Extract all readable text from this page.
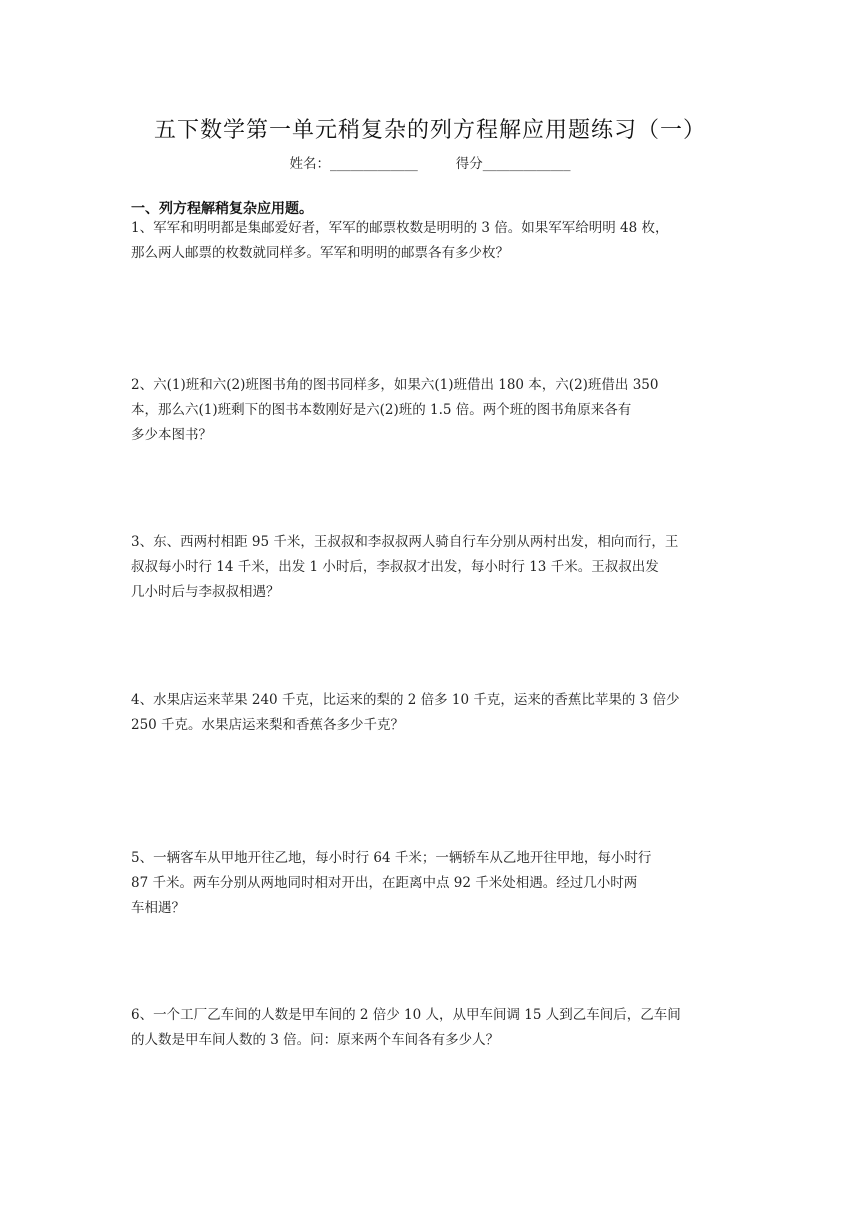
五下数学第一单元稍复杂的列方程解应用题练习（一）
姓名：_____________	得分_____________
一、列方程解稍复杂应用题。
1、军军和明明都是集邮爱好者，军军的邮票枚数是明明的 3 倍。如果军军给明明 48 枚，
那么两人邮票的枚数就同样多。军军和明明的邮票各有多少枚？
2、六(1)班和六(2)班图书角的图书同样多，如果六(1)班借出 180 本，六(2)班借出 350
本，那么六(1)班剩下的图书本数刚好是六(2)班的 1.5 倍。两个班的图书角原来各有
多少本图书？
3、东、西两村相距 95 千米，王叔叔和李叔叔两人骑自行车分别从两村出发，相向而行，王
叔叔每小时行 14 千米，出发 1 小时后，李叔叔才出发，每小时行 13 千米。王叔叔出发
几小时后与李叔叔相遇？
4、水果店运来苹果 240 千克，比运来的梨的 2 倍多 10 千克，运来的香蕉比苹果的 3 倍少
250 千克。水果店运来梨和香蕉各多少千克？
5、一辆客车从甲地开往乙地，每小时行 64 千米；一辆轿车从乙地开往甲地，每小时行
87 千米。两车分别从两地同时相对开出，在距离中点 92 千米处相遇。经过几小时两
车相遇？
6、一个工厂乙车间的人数是甲车间的 2 倍少 10 人，从甲车间调 15 人到乙车间后，乙车间
的人数是甲车间人数的 3 倍。问：原来两个车间各有多少人？
